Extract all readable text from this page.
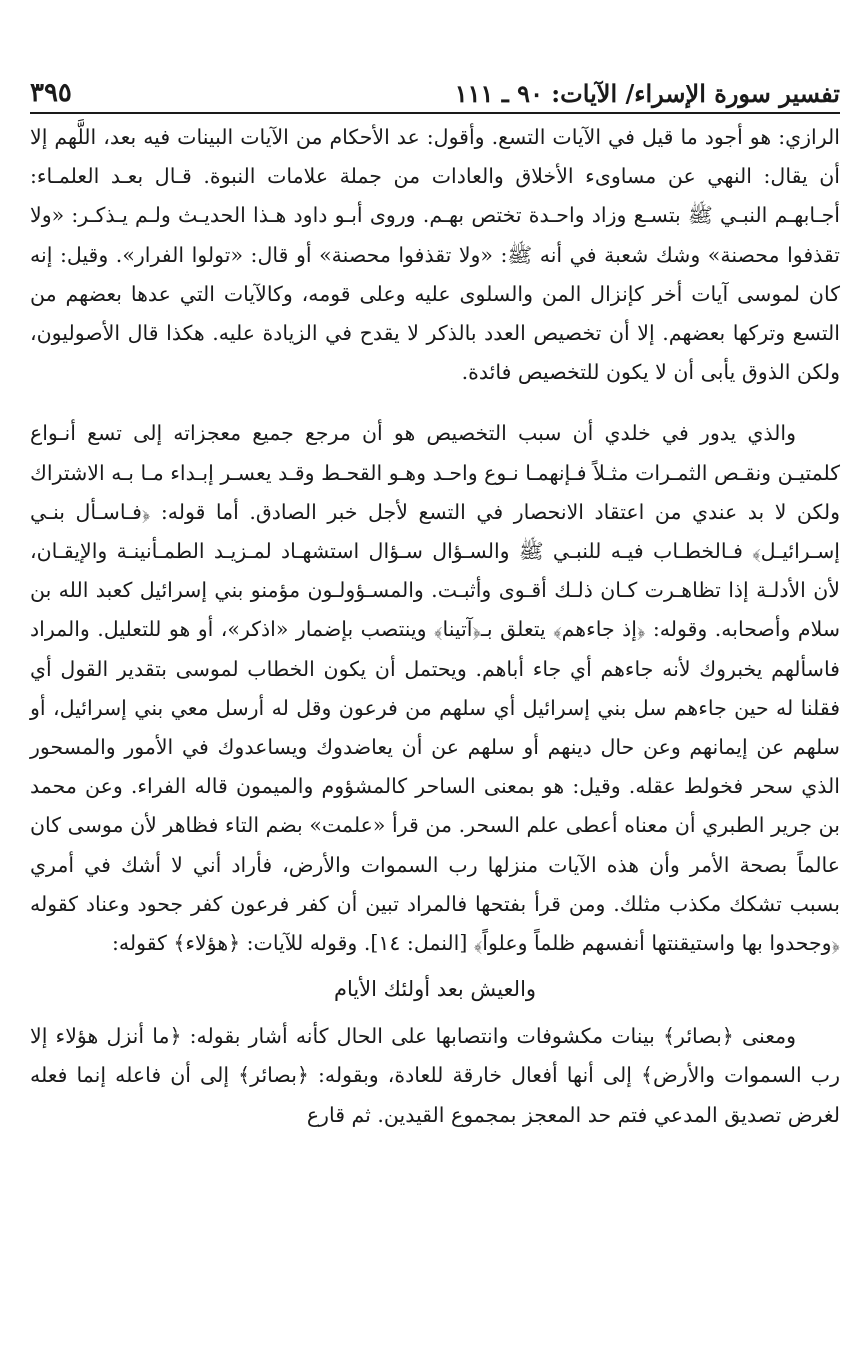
تفسير سورة الإسراء/ الآيات: ٩٠ ـ ١١١
٣٩٥

الرازي: هو أجود ما قيل في الآيات التسع. وأقول: عد الأحكام من الآيات البينات فيه بعد، اللَّهم إلا أن يقال: النهي عن مساوىء الأخلاق والعادات من جملة علامات النبوة. قـال بعـد العلمـاء: أجـابهـم النبـي ﷺ بتسـع وزاد واحـدة تختص بهـم. وروى أبـو داود هـذا الحديـث ولـم يـذكـر: «ولا تقذفوا محصنة» وشك شعبة في أنه ﷺ: «ولا تقذفوا محصنة» أو قال: «تولوا الفرار». وقيل: إنه كان لموسى آيات أخر كإنزال المن والسلوى عليه وعلى قومه، وكالآيات التي عدها بعضهم من التسع وتركها بعضهم. إلا أن تخصيص العدد بالذكر لا يقدح في الزيادة عليه. هكذا قال الأصوليون، ولكن الذوق يأبى أن لا يكون للتخصيص فائدة.

والذي يدور في خلدي أن سبب التخصيص هو أن مرجع جميع معجزاته إلى تسع أنـواع كلمتيـن ونقـص الثمـرات مثـلاً فـإنهمـا نـوع واحـد وهـو القحـط وقـد يعسـر إبـداء مـا بـه الاشتراك ولكن لا بد عندي من اعتقاد الانحصار في التسع لأجل خبر الصادق. أما قوله: ﴿فـاسـأل بنـي إسـرائيـل﴾ فـالخطـاب فيـه للنبـي ﷺ والسـؤال سـؤال استشهـاد لمـزيـد الطمـأنينـة والإيقـان، لأن الأدلـة إذا تظاهـرت كـان ذلـك أقـوى وأثبـت. والمسـؤولـون مؤمنو بني إسرائيل كعبد الله بن سلام وأصحابه. وقوله: ﴿إذ جاءهم﴾ يتعلق بـ﴿آتينا﴾ وينتصب بإضمار «اذكر»، أو هو للتعليل. والمراد فاسألهم يخبروك لأنه جاءهم أي جاء أباهم. ويحتمل أن يكون الخطاب لموسى بتقدير القول أي فقلنا له حين جاءهم سل بني إسرائيل أي سلهم من فرعون وقل له أرسل معي بني إسرائيل، أو سلهم عن إيمانهم وعن حال دينهم أو سلهم عن أن يعاضدوك ويساعدوك في الأمور والمسحور الذي سحر فخولط عقله. وقيل: هو بمعنى الساحر كالمشؤوم والميمون قاله الفراء. وعن محمد بن جرير الطبري أن معناه أعطى علم السحر. من قرأ «علمت» بضم التاء فظاهر لأن موسى كان عالماً بصحة الأمر وأن هذه الآيات منزلها رب السموات والأرض، فأراد أني لا أشك في أمري بسبب تشكك مكذب مثلك. ومن قرأ بفتحها فالمراد تبين أن كفر فرعون كفر جحود وعناد كقوله ﴿وجحدوا بها واستيقنتها أنفسهم ظلماً وعلواً﴾ [النمل: ١٤]. وقوله للآيات: ﴿هؤلاء﴾ كقوله:

والعيش بعد أولئك الأيام

ومعنى ﴿بصائر﴾ بينات مكشوفات وانتصابها على الحال كأنه أشار بقوله: ﴿ما أنزل هؤلاء إلا رب السموات والأرض﴾ إلى أنها أفعال خارقة للعادة، وبقوله: ﴿بصائر﴾ إلى أن فاعله إنما فعله لغرض تصديق المدعي فتم حد المعجز بمجموع القيدين. ثم قارع
